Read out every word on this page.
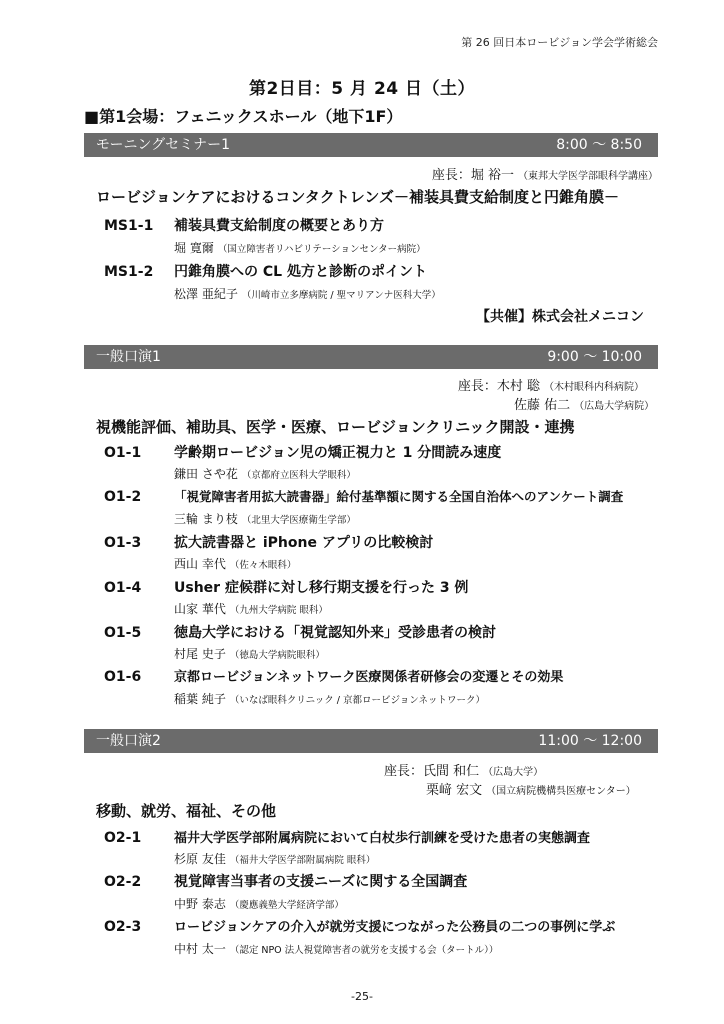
第 26 回日本ロービジョン学会学術総会
第2日目：5 月 24 日（土）
■第1会場：フェニックスホール（地下1F）
モーニングセミナー1	8:00 ～ 8:50
座長：堀 裕一 （東邦大学医学部眼科学講座）
ロービジョンケアにおけるコンタクトレンズ－補装具費支給制度と円錐角膜－
MS1-1 補装具費支給制度の概要とあり方
堀 寛爾 （国立障害者リハビリテーションセンター病院）
MS1-2 円錐角膜への CL 処方と診断のポイント
松澤 亜紀子 （川崎市立多摩病院 / 聖マリアンナ医科大学）
【共催】株式会社メニコン
一般口演1	9:00 ～ 10:00
座長：木村 聡 （木村眼科内科病院）
佐藤 佑二 （広島大学病院）
視機能評価、補助具、医学・医療、ロービジョンクリニック開設・連携
O1-1 学齢期ロービジョン児の矯正視力と 1 分間読み速度
鎌田 さや花 （京都府立医科大学眼科）
O1-2	「視覚障害者用拡大読書器」給付基準額に関する全国自治体へのアンケート調査
三輪 まり枝 （北里大学医療衛生学部）
O1-3 拡大読書器と iPhone アプリの比較検討
西山 幸代 （佐々木眼科）
O1-4 Usher 症候群に対し移行期支援を行った 3 例
山家 華代 （九州大学病院 眼科）
O1-5 徳島大学における「視覚認知外来」受診患者の検討
村尾 史子 （徳島大学病院眼科）
O1-6	京都ロービジョンネットワーク医療関係者研修会の変遷とその効果
稲葉 純子 （いなば眼科クリニック / 京都ロービジョンネットワーク）
一般口演2	11:00 ～ 12:00
座長：氏間 和仁 （広島大学）
栗﨑 宏文 （国立病院機構呉医療センター）
移動、就労、福祉、その他
O2-1	福井大学医学部附属病院において白杖歩行訓練を受けた患者の実態調査
杉原 友佳 （福井大学医学部附属病院 眼科）
O2-2 視覚障害当事者の支援ニーズに関する全国調査
中野 泰志 （慶應義塾大学経済学部）
O2-3	ロービジョンケアの介入が就労支援につながった公務員の二つの事例に学ぶ
中村 太一 （認定 NPO 法人視覚障害者の就労を支援する会（タートル））
-25-
